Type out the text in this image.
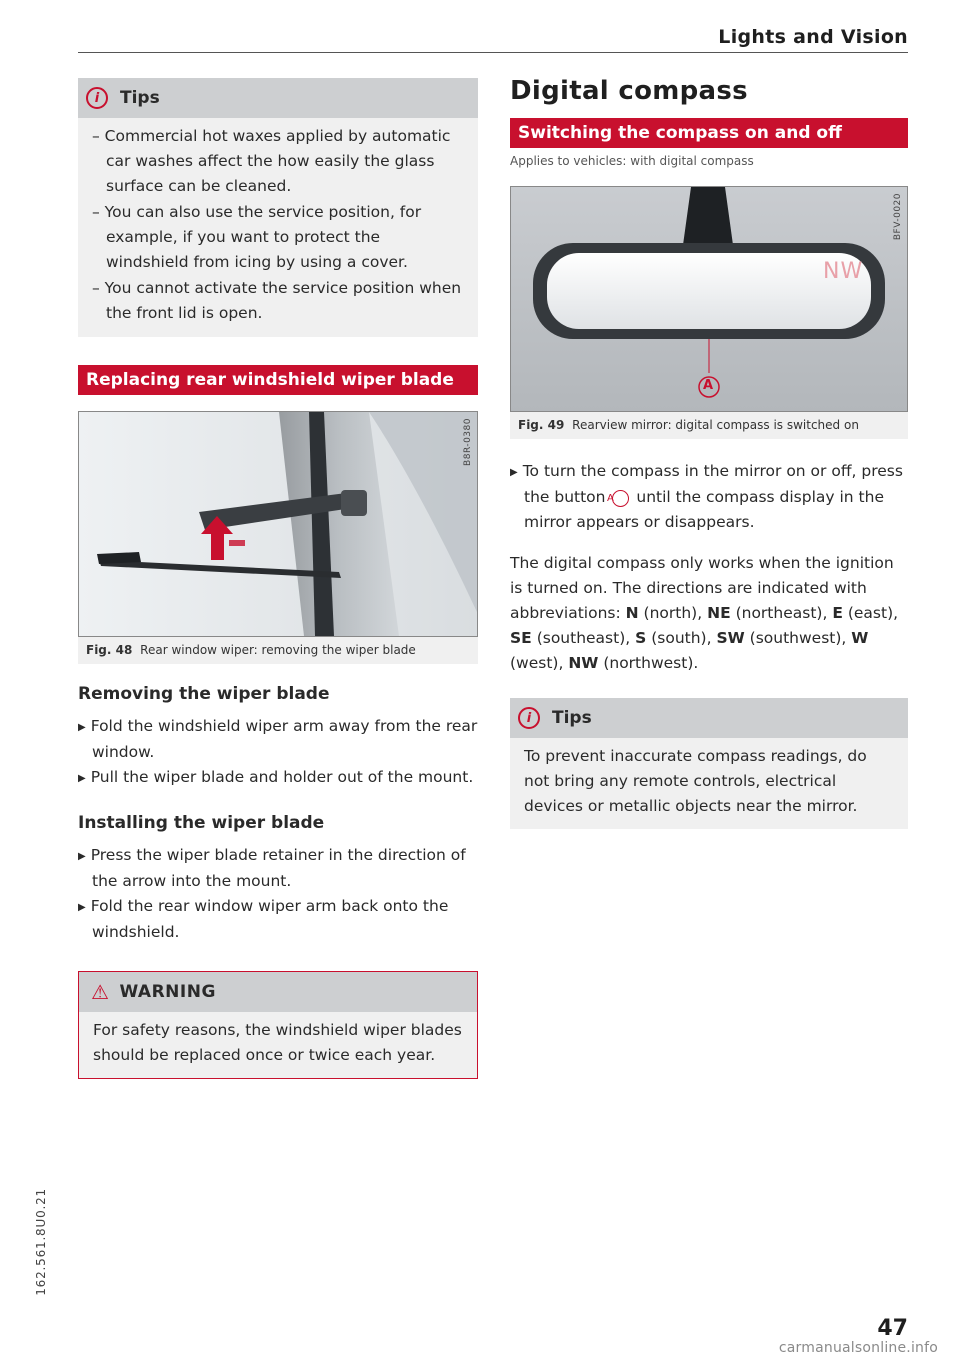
Lights and Vision
i	Tips
– Commercial hot waxes applied by automatic car washes affect the how easily the glass surface can be cleaned.
– You can also use the service position, for example, if you want to protect the windshield from icing by using a cover.
– You cannot activate the service position when the front lid is open.
Replacing rear windshield wiper blade
B8R-0380
Fig. 48 Rear window wiper: removing the wiper blade
Removing the wiper blade
▶ Fold the windshield wiper arm away from the rear window.
▶ Pull the wiper blade and holder out of the mount.
Installing the wiper blade
▶ Press the wiper blade retainer in the direction of the arrow into the mount.
▶ Fold the rear window wiper arm back onto the windshield.
⚠ WARNING
For safety reasons, the windshield wiper blades should be replaced once or twice each year.
Digital compass
Switching the compass on and off
Applies to vehicles: with digital compass
NW
A
BFV-0020
Fig. 49 Rearview mirror: digital compass is switched on
▶ To turn the compass in the mirror on or off, press the button A until the compass display in the mirror appears or disappears.
The digital compass only works when the ignition is turned on. The directions are indicated with abbreviations: N (north), NE (northeast), E (east), SE (southeast), S (south), SW (southwest), W (west), NW (northwest).
i	Tips
To prevent inaccurate compass readings, do not bring any remote controls, electrical devices or metallic objects near the mirror.
162.561.8U0.21
47
carmanualsonline.info
